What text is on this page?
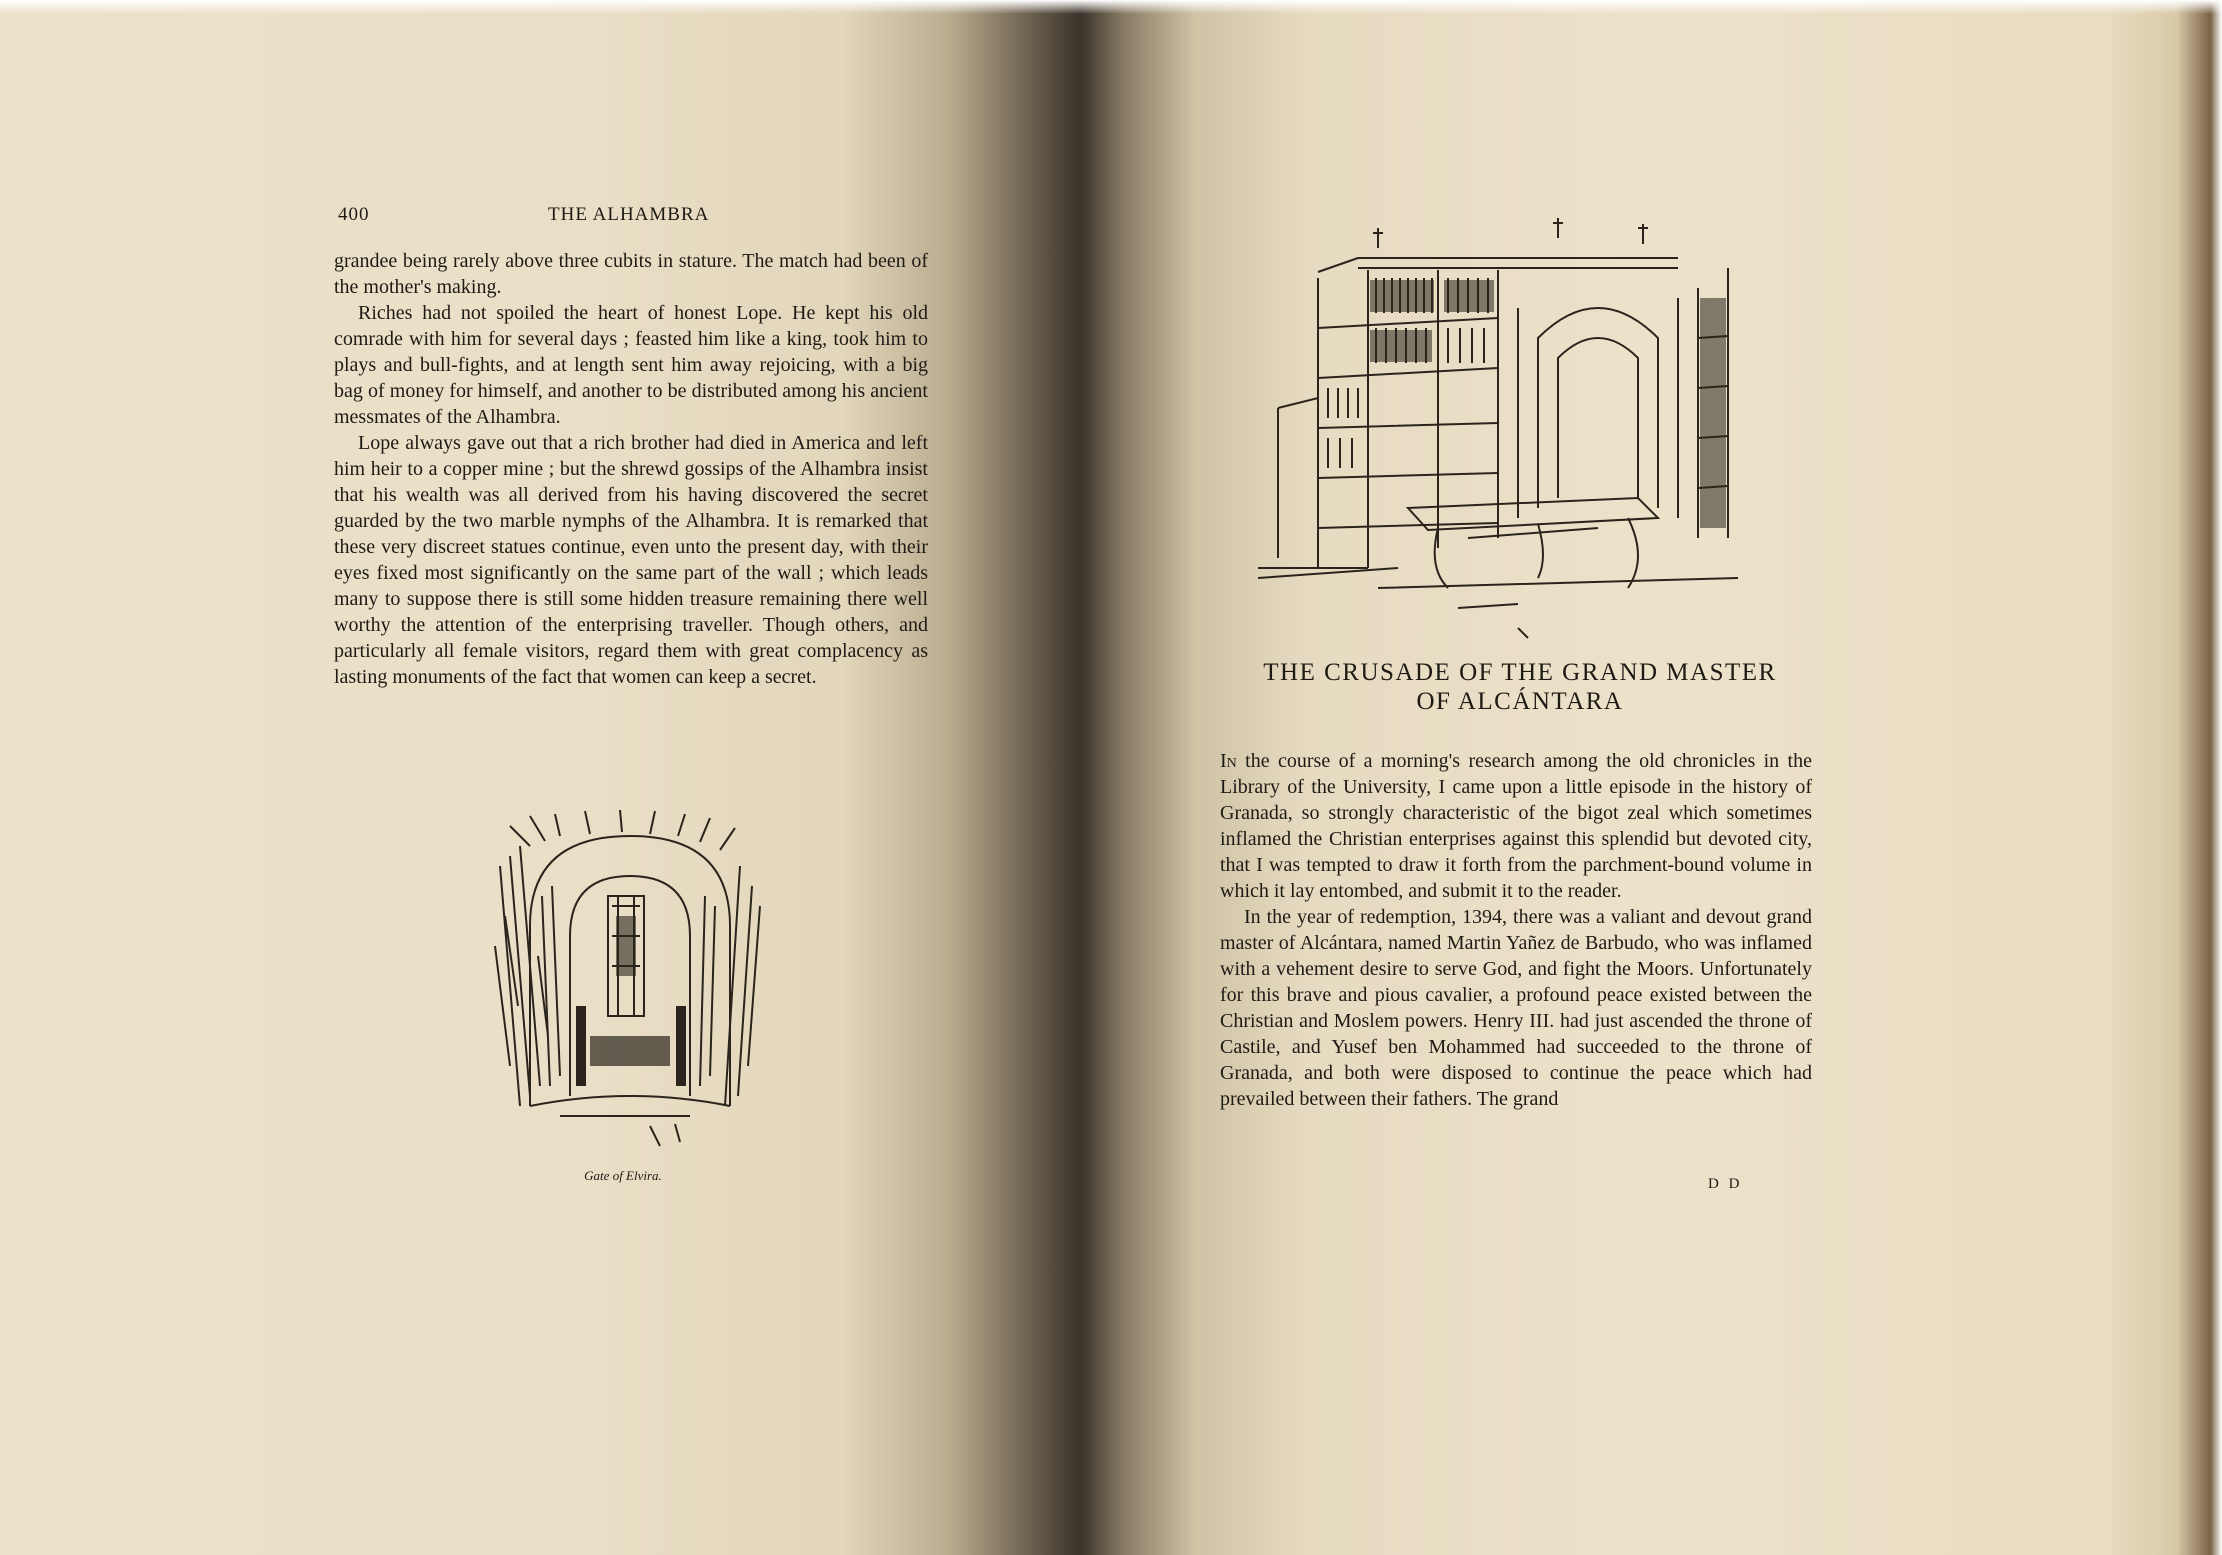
400	THE ALHAMBRA

grandee being rarely above three cubits in stature. The match had been of the mother's making.

Riches had not spoiled the heart of honest Lope. He kept his old comrade with him for several days ; feasted him like a king, took him to plays and bull-fights, and at length sent him away rejoicing, with a big bag of money for himself, and another to be distributed among his ancient messmates of the Alhambra.

Lope always gave out that a rich brother had died in America and left him heir to a copper mine ; but the shrewd gossips of the Alhambra insist that his wealth was all derived from his having discovered the secret guarded by the two marble nymphs of the Alhambra. It is remarked that these very discreet statues continue, even unto the present day, with their eyes fixed most significantly on the same part of the wall ; which leads many to suppose there is still some hidden treasure remaining there well worthy the attention of the enterprising traveller. Though others, and particularly all female visitors, regard them with great complacency as lasting monuments of the fact that women can keep a secret.

Gate of Elvira.
THE CRUSADE OF THE GRAND MASTER
OF ALCÁNTARA

In the course of a morning's research among the old chronicles in the Library of the University, I came upon a little episode in the history of Granada, so strongly characteristic of the bigot zeal which sometimes inflamed the Christian enterprises against this splendid but devoted city, that I was tempted to draw it forth from the parchment-bound volume in which it lay entombed, and submit it to the reader.

In the year of redemption, 1394, there was a valiant and devout grand master of Alcántara, named Martin Yañez de Barbudo, who was inflamed with a vehement desire to serve God, and fight the Moors. Unfortunately for this brave and pious cavalier, a profound peace existed between the Christian and Moslem powers. Henry III. had just ascended the throne of Castile, and Yusef ben Mohammed had succeeded to the throne of Granada, and both were disposed to continue the peace which had prevailed between their fathers. The grand

D D
